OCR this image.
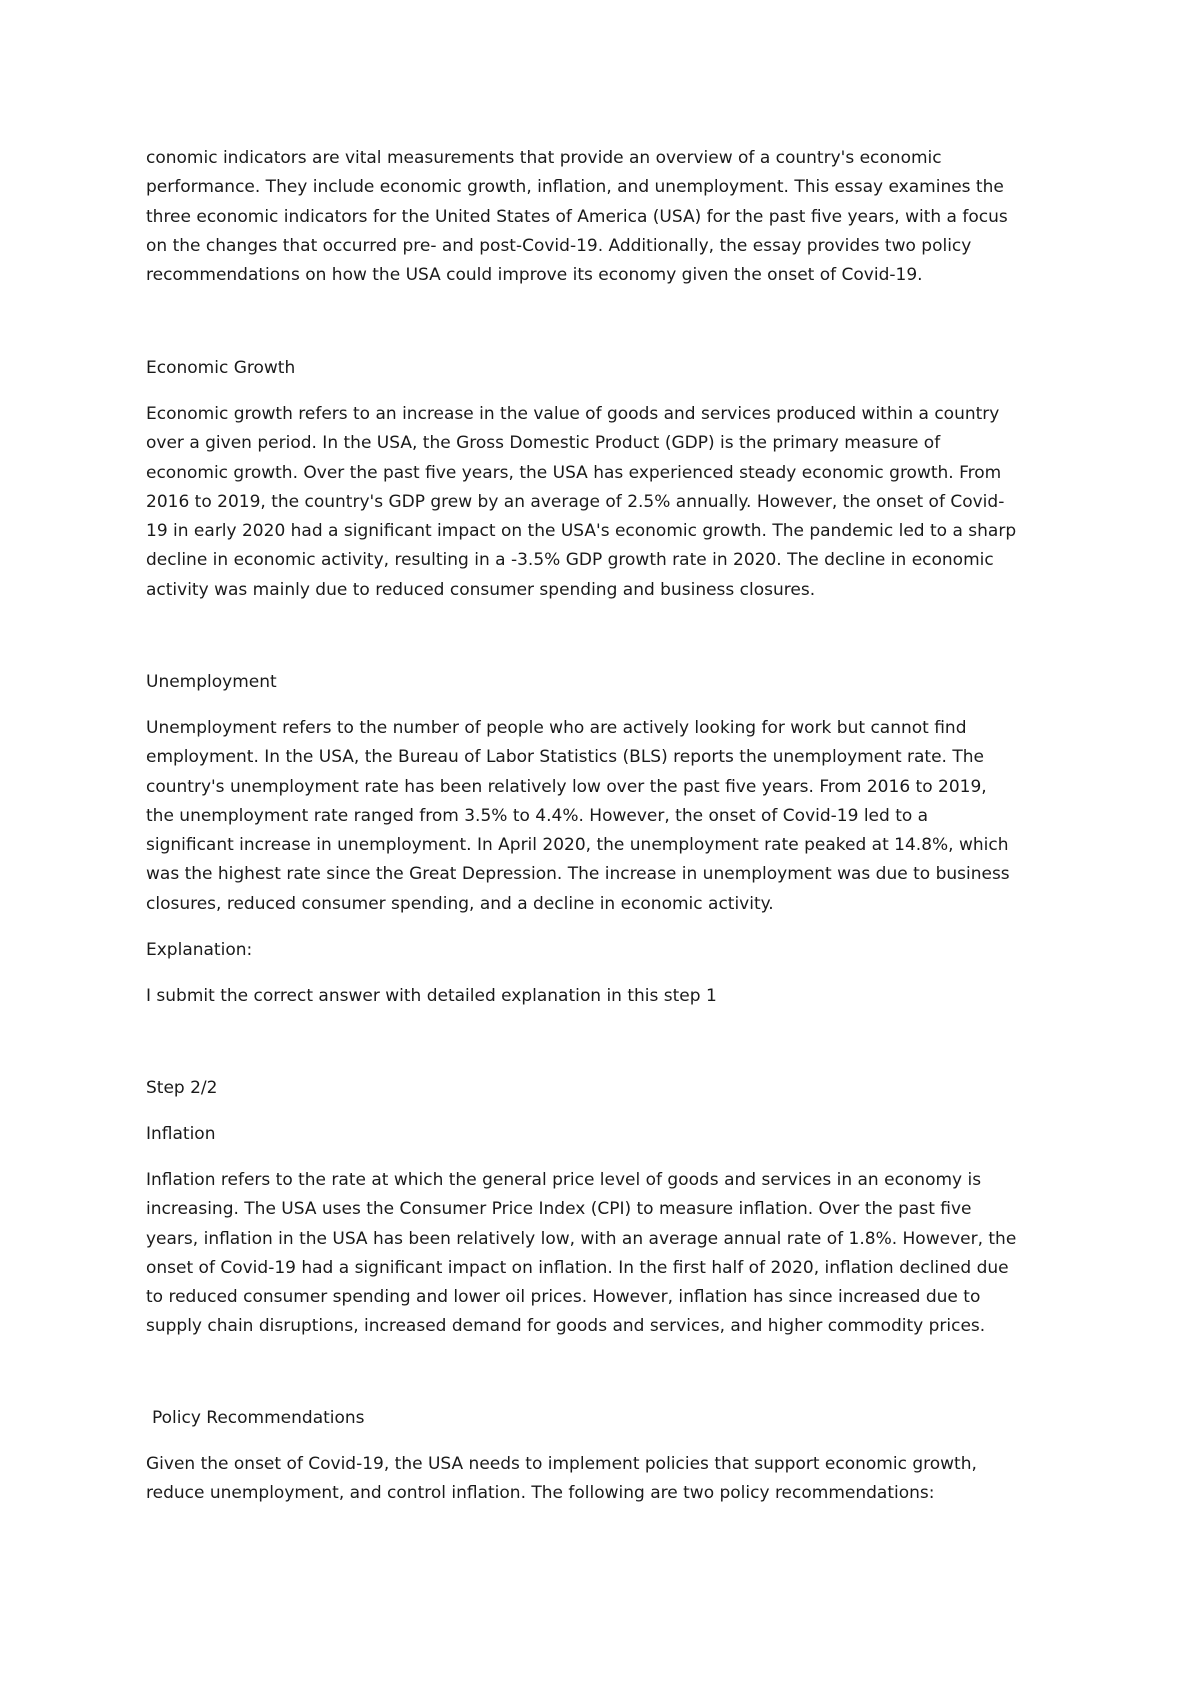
conomic indicators are vital measurements that provide an overview of a country's economic
performance. They include economic growth, inflation, and unemployment. This essay examines the
three economic indicators for the United States of America (USA) for the past five years, with a focus
on the changes that occurred pre- and post-Covid-19. Additionally, the essay provides two policy
recommendations on how the USA could improve its economy given the onset of Covid-19.

Economic Growth

Economic growth refers to an increase in the value of goods and services produced within a country
over a given period. In the USA, the Gross Domestic Product (GDP) is the primary measure of
economic growth. Over the past five years, the USA has experienced steady economic growth. From
2016 to 2019, the country's GDP grew by an average of 2.5% annually. However, the onset of Covid-
19 in early 2020 had a significant impact on the USA's economic growth. The pandemic led to a sharp
decline in economic activity, resulting in a -3.5% GDP growth rate in 2020. The decline in economic
activity was mainly due to reduced consumer spending and business closures.

Unemployment

Unemployment refers to the number of people who are actively looking for work but cannot find
employment. In the USA, the Bureau of Labor Statistics (BLS) reports the unemployment rate. The
country's unemployment rate has been relatively low over the past five years. From 2016 to 2019,
the unemployment rate ranged from 3.5% to 4.4%. However, the onset of Covid-19 led to a
significant increase in unemployment. In April 2020, the unemployment rate peaked at 14.8%, which
was the highest rate since the Great Depression. The increase in unemployment was due to business
closures, reduced consumer spending, and a decline in economic activity.

Explanation:

I submit the correct answer with detailed explanation in this step 1

Step 2/2

Inflation

Inflation refers to the rate at which the general price level of goods and services in an economy is
increasing. The USA uses the Consumer Price Index (CPI) to measure inflation. Over the past five
years, inflation in the USA has been relatively low, with an average annual rate of 1.8%. However, the
onset of Covid-19 had a significant impact on inflation. In the first half of 2020, inflation declined due
to reduced consumer spending and lower oil prices. However, inflation has since increased due to
supply chain disruptions, increased demand for goods and services, and higher commodity prices.

Policy Recommendations

Given the onset of Covid-19, the USA needs to implement policies that support economic growth,
reduce unemployment, and control inflation. The following are two policy recommendations:
